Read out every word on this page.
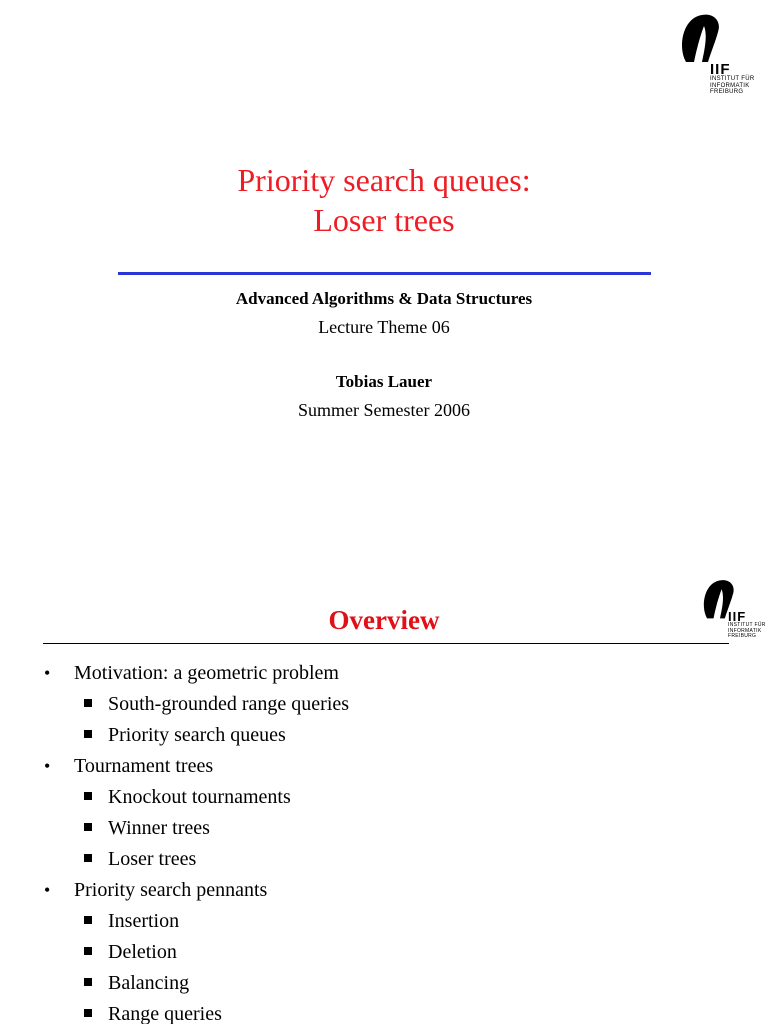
IIF
INSTITUT FÜR
INFORMATIK
FREIBURG
Priority search queues:
Loser trees
Advanced Algorithms & Data Structures
Lecture Theme 06
Tobias Lauer
Summer Semester 2006
IIF
INSTITUT FÜR
INFORMATIK
FREIBURG
Overview
• Motivation: a geometric problem
South-grounded range queries
Priority search queues
• Tournament trees
Knockout tournaments
Winner trees
Loser trees
• Priority search pennants
Insertion
Deletion
Balancing
Range queries
